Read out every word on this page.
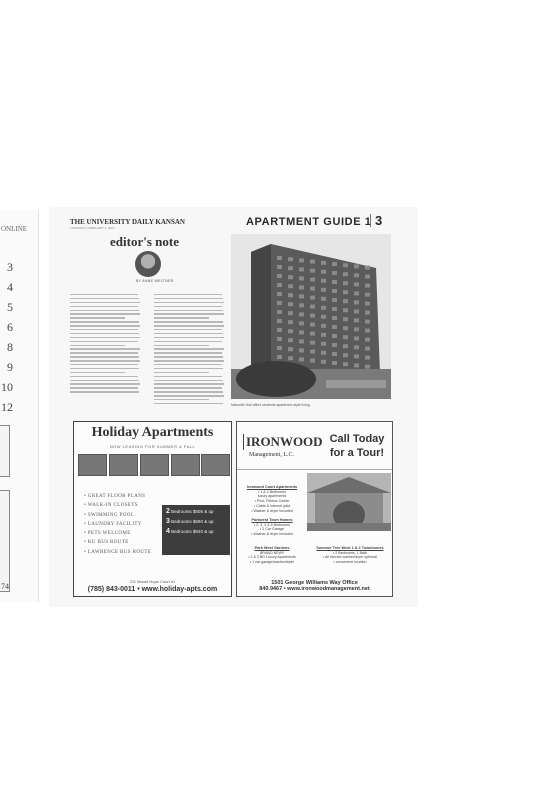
ONLINE
3
4
5
6
8
9
10
12
74
THE UNIVERSITY DAILY KANSAN
THURSDAY, FEBRUARY 1, 2007	APARTMENT GUIDE 1 3
editor's note
BY ANNE WELTNER
Naismith Hall offers students apartment-style living.
Holiday Apartments
NOW LEASING FOR SUMMER & FALL
• GREAT FLOOR PLANS
• WALK-IN CLOSETS
• SWIMMING POOL
• LAUNDRY FACILITY
• PETS WELCOME
• KU BUS ROUTE
• LAWRENCE BUS ROUTE
2 Bedrooms $505 & up
3 Bedrooms $690 & up
4 Bedrooms $840 & up
211 Mount Hope Court #1
(785) 843-0011 • www.holiday-apts.com
IRONWOOD
Management, L.C.
Call Today
for a Tour!
Ironwood Court Apartments
• 1 & 2 Bedrooms
luxury apartments
• Pool, Fitness Center
• Cable & Internet paid
• Washer & dryer included
Parkwest Town Homes
• 2, 3, 4 & 5 Bedrooms
• 2 Car Garage
• Washer & dryer included
Park West Gardens
BRAND NEW!!
• 1 & 2 BD Luxury Apartments
• 1 car garage/washer/dryer
Summer Tree West 1 & 2 Townhomes
• 2 Bedrooms, 1 Bath
• All electric washer/dryer optional
• convenient location
1501 George Williams Way Office
840.9467 • www.ironwoodmanagement.net
